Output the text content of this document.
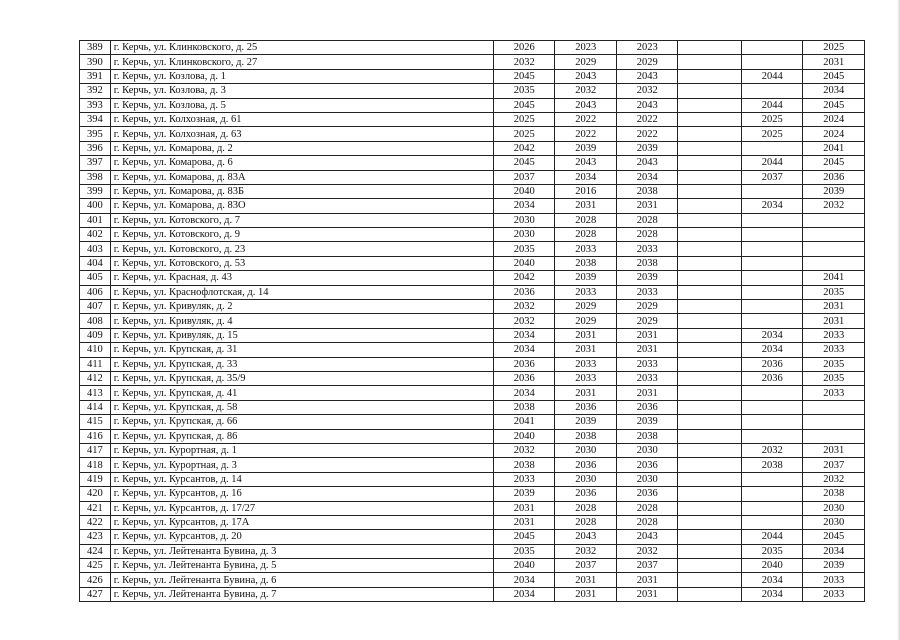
389	г. Керчь, ул. Клинковского, д. 25	2026	2023	2023			2025
390	г. Керчь, ул. Клинковского, д. 27	2032	2029	2029			2031
391	г. Керчь, ул. Козлова, д. 1	2045	2043	2043		2044	2045
392	г. Керчь, ул. Козлова, д. 3	2035	2032	2032			2034
393	г. Керчь, ул. Козлова, д. 5	2045	2043	2043		2044	2045
394	г. Керчь, ул. Колхозная, д. 61	2025	2022	2022		2025	2024
395	г. Керчь, ул. Колхозная, д. 63	2025	2022	2022		2025	2024
396	г. Керчь, ул. Комарова, д. 2	2042	2039	2039			2041
397	г. Керчь, ул. Комарова, д. 6	2045	2043	2043		2044	2045
398	г. Керчь, ул. Комарова, д. 83А	2037	2034	2034		2037	2036
399	г. Керчь, ул. Комарова, д. 83Б	2040	2016	2038			2039
400	г. Керчь, ул. Комарова, д. 83О	2034	2031	2031		2034	2032
401	г. Керчь, ул. Котовского, д. 7	2030	2028	2028			
402	г. Керчь, ул. Котовского, д. 9	2030	2028	2028			
403	г. Керчь, ул. Котовского, д. 23	2035	2033	2033			
404	г. Керчь, ул. Котовского, д. 53	2040	2038	2038			
405	г. Керчь, ул. Красная, д. 43	2042	2039	2039			2041
406	г. Керчь, ул. Краснофлотская, д. 14	2036	2033	2033			2035
407	г. Керчь, ул. Кривуляк, д. 2	2032	2029	2029			2031
408	г. Керчь, ул. Кривуляк, д. 4	2032	2029	2029			2031
409	г. Керчь, ул. Кривуляк, д. 15	2034	2031	2031		2034	2033
410	г. Керчь, ул. Крупская, д. 31	2034	2031	2031		2034	2033
411	г. Керчь, ул. Крупская, д. 33	2036	2033	2033		2036	2035
412	г. Керчь, ул. Крупская, д. 35/9	2036	2033	2033		2036	2035
413	г. Керчь, ул. Крупская, д. 41	2034	2031	2031			2033
414	г. Керчь, ул. Крупская, д. 58	2038	2036	2036			
415	г. Керчь, ул. Крупская, д. 66	2041	2039	2039			
416	г. Керчь, ул. Крупская, д. 86	2040	2038	2038			
417	г. Керчь, ул. Курортная, д. 1	2032	2030	2030		2032	2031
418	г. Керчь, ул. Курортная, д. 3	2038	2036	2036		2038	2037
419	г. Керчь, ул. Курсантов, д. 14	2033	2030	2030			2032
420	г. Керчь, ул. Курсантов, д. 16	2039	2036	2036			2038
421	г. Керчь, ул. Курсантов, д. 17/27	2031	2028	2028			2030
422	г. Керчь, ул. Курсантов, д. 17А	2031	2028	2028			2030
423	г. Керчь, ул. Курсантов, д. 20	2045	2043	2043		2044	2045
424	г. Керчь, ул. Лейтенанта Бувина, д. 3	2035	2032	2032		2035	2034
425	г. Керчь, ул. Лейтенанта Бувина, д. 5	2040	2037	2037		2040	2039
426	г. Керчь, ул. Лейтенанта Бувина, д. 6	2034	2031	2031		2034	2033
427	г. Керчь, ул. Лейтенанта Бувина, д. 7	2034	2031	2031		2034	2033
